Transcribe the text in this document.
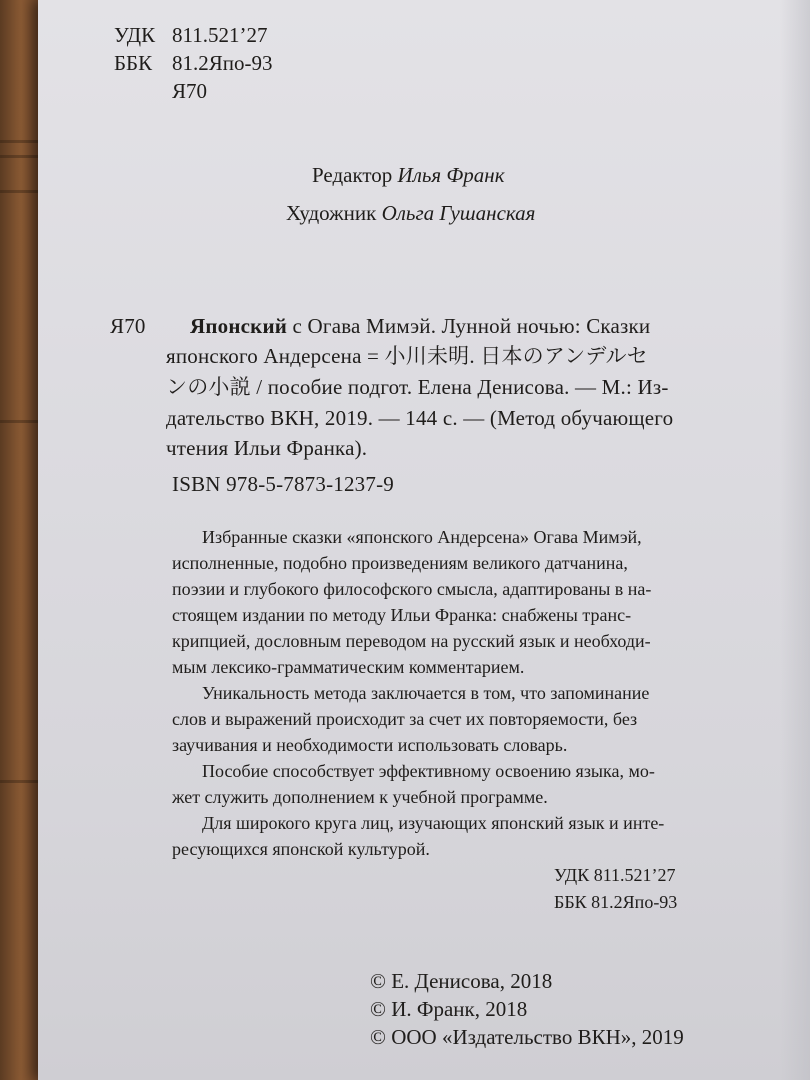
УДК 811.521’27
ББК 81.2Япо-93
Я70
Редактор Илья Франк
Художник Ольга Гушанская
Я70 Японский с Огава Мимэй. Лунной ночью: Сказки
японского Андерсена = 小川未明. 日本のアンデルセ
ンの小説 / пособие подгот. Елена Денисова. — М.: Из-
дательство ВКН, 2019. — 144 с. — (Метод обучающего
чтения Ильи Франка).
ISBN 978-5-7873-1237-9

Избранные сказки «японского Андерсена» Огава Мимэй,

исполненные, подобно произведениям великого датчанина,

поэзии и глубокого философского смысла, адаптированы в на-

стоящем издании по методу Ильи Франка: снабжены транс-

крипцией, дословным переводом на русский язык и необходи-

мым лексико-грамматическим комментарием.

Уникальность метода заключается в том, что запоминание

слов и выражений происходит за счет их повторяемости, без

заучивания и необходимости использовать словарь.

Пособие способствует эффективному освоению языка, мо-

жет служить дополнением к учебной программе.

Для широкого круга лиц, изучающих японский язык и инте-

ресующихся японской культурой.

УДК 811.521’27
ББК 81.2Япо-93
© Е. Денисова, 2018
© И. Франк, 2018
© ООО «Издательство ВКН», 2019
